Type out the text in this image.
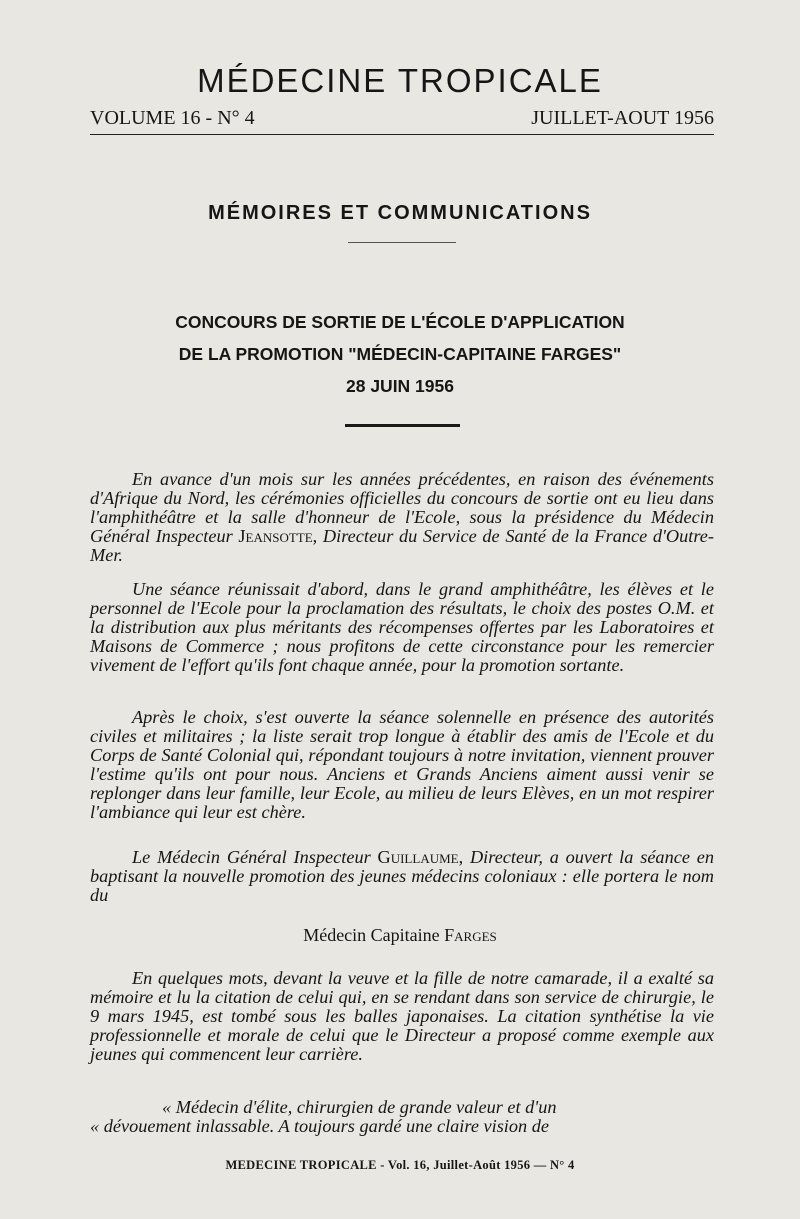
MÉDECINE TROPICALE
VOLUME 16 - N° 4	JUILLET-AOUT 1956
MÉMOIRES ET COMMUNICATIONS
CONCOURS DE SORTIE DE L'ÉCOLE D'APPLICATION
DE LA PROMOTION "MÉDECIN-CAPITAINE FARGES"
28 JUIN 1956

En avance d'un mois sur les années précédentes, en raison des événements d'Afrique du Nord, les cérémonies officielles du concours de sortie ont eu lieu dans l'amphithéâtre et la salle d'honneur de l'Ecole, sous la présidence du Médecin Général Inspecteur Jeansotte, Directeur du Service de Santé de la France d'Outre-Mer.

Une séance réunissait d'abord, dans le grand amphithéâtre, les élèves et le personnel de l'Ecole pour la proclamation des résultats, le choix des postes O.M. et la distribution aux plus méritants des récompenses offertes par les Laboratoires et Maisons de Commerce ; nous profitons de cette circonstance pour les remercier vivement de l'effort qu'ils font chaque année, pour la promotion sortante.

Après le choix, s'est ouverte la séance solennelle en présence des autorités civiles et militaires ; la liste serait trop longue à établir des amis de l'Ecole et du Corps de Santé Colonial qui, répondant toujours à notre invitation, viennent prouver l'estime qu'ils ont pour nous. Anciens et Grands Anciens aiment aussi venir se replonger dans leur famille, leur Ecole, au milieu de leurs Elèves, en un mot respirer l'ambiance qui leur est chère.

Le Médecin Général Inspecteur Guillaume, Directeur, a ouvert la séance en baptisant la nouvelle promotion des jeunes médecins coloniaux : elle portera le nom du

Médecin Capitaine Farges

En quelques mots, devant la veuve et la fille de notre camarade, il a exalté sa mémoire et lu la citation de celui qui, en se rendant dans son service de chirurgie, le 9 mars 1945, est tombé sous les balles japonaises. La citation synthétise la vie professionnelle et morale de celui que le Directeur a proposé comme exemple aux jeunes qui commencent leur carrière.

« Médecin d'élite, chirurgien de grande valeur et d'un

« dévouement inlassable. A toujours gardé une claire vision de

MEDECINE TROPICALE - Vol. 16, Juillet-Août 1956 — N° 4
